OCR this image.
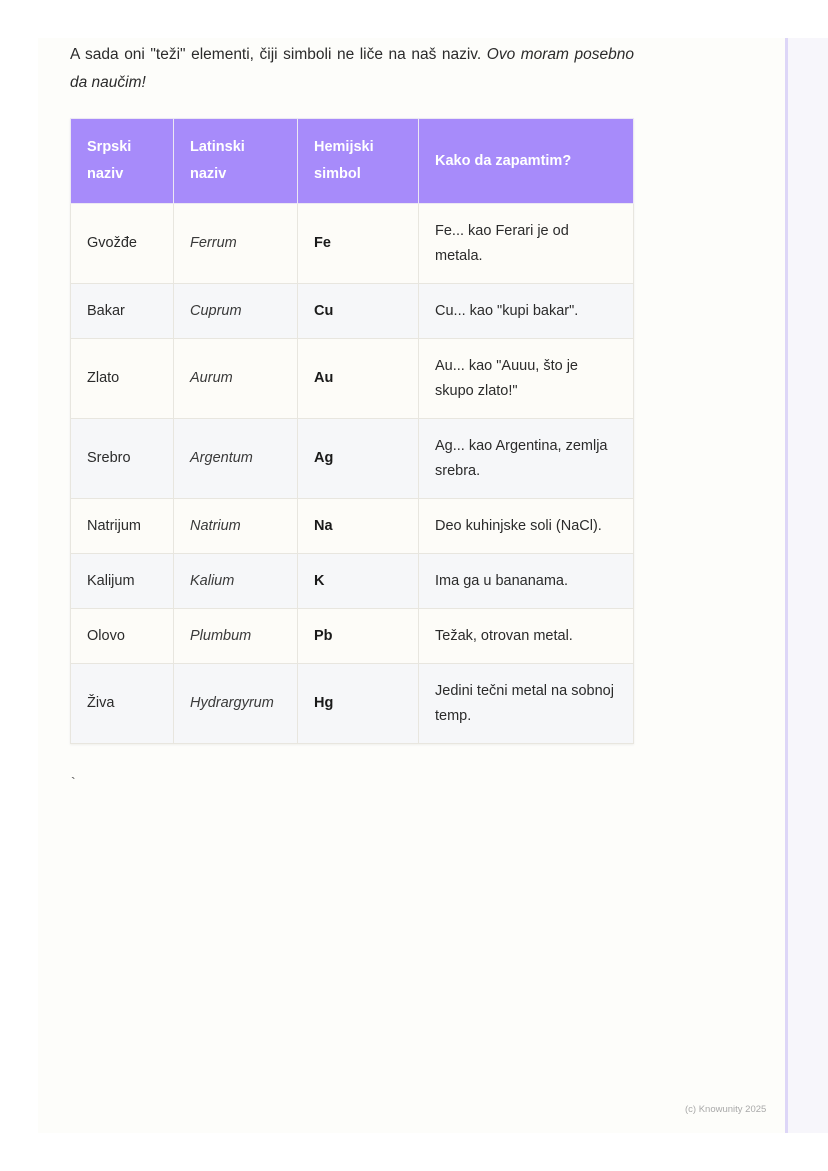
A sada oni "teži" elementi, čiji simboli ne liče na naš naziv. Ovo moram posebno da naučim!

Srpski naziv	Latinski naziv	Hemijski simbol	Kako da zapamtim?
Gvožđe	Ferrum	Fe	Fe... kao Ferari je od metala.
Bakar	Cuprum	Cu	Cu... kao "kupi bakar".
Zlato	Aurum	Au	Au... kao "Auuu, što je skupo zlato!"
Srebro	Argentum	Ag	Ag... kao Argentina, zemlja srebra.
Natrijum	Natrium	Na	Deo kuhinjske soli (NaCl).
Kalijum	Kalium	K	Ima ga u bananama.
Olovo	Plumbum	Pb	Težak, otrovan metal.
Živa	Hydrargyrum	Hg	Jedini tečni metal na sobnoj temp.
`
(c) Knowunity 2025
